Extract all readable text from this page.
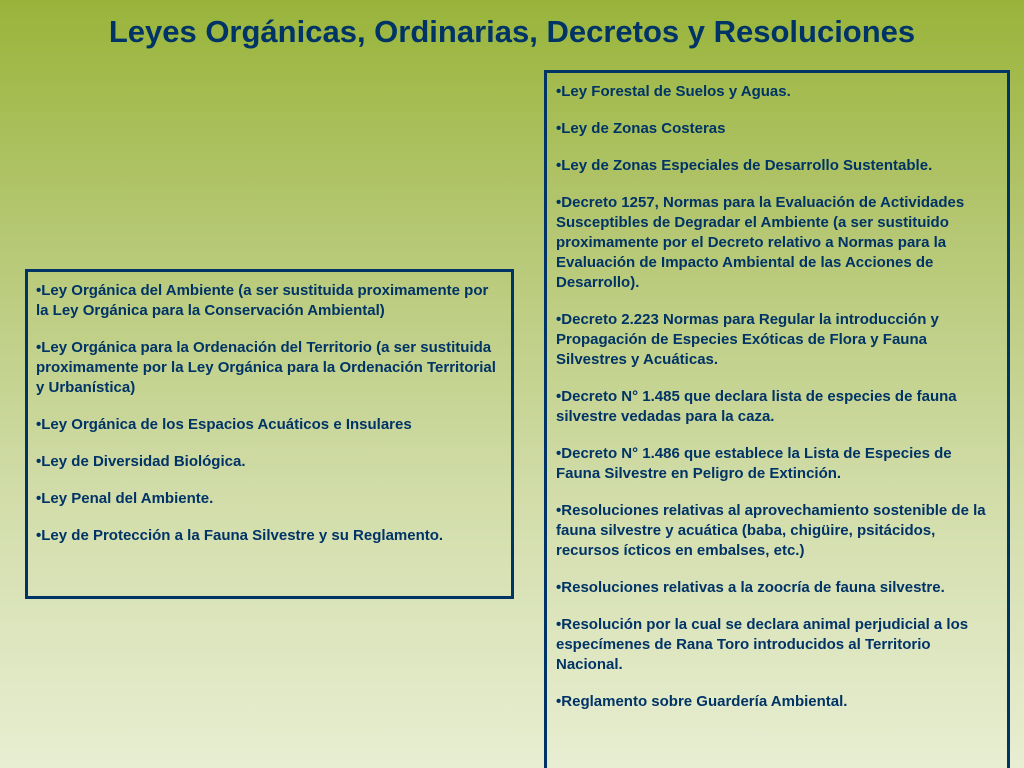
Leyes Orgánicas, Ordinarias, Decretos y Resoluciones
• Ley Orgánica del Ambiente (a ser sustituida proximamente por la Ley Orgánica para la Conservación Ambiental)
• Ley Orgánica para la Ordenación del Territorio (a ser sustituida proximamente por la Ley Orgánica para la Ordenación Territorial y Urbanística)
• Ley Orgánica de los Espacios Acuáticos e Insulares
• Ley de Diversidad Biológica.
• Ley Penal del Ambiente.
• Ley de Protección a la Fauna Silvestre y su Reglamento.
• Ley Forestal de Suelos y Aguas.
• Ley de Zonas Costeras
• Ley de Zonas Especiales de Desarrollo Sustentable.
• Decreto 1257, Normas para la Evaluación de Actividades Susceptibles de Degradar el Ambiente (a ser sustituido proximamente por el Decreto relativo a Normas para la Evaluación de Impacto Ambiental de las Acciones de Desarrollo).
• Decreto 2.223 Normas para Regular la introducción y Propagación de Especies Exóticas de Flora y Fauna Silvestres y Acuáticas.
• Decreto N° 1.485 que declara lista de especies de fauna silvestre vedadas para la caza.
• Decreto N° 1.486 que establece la Lista de Especies de Fauna Silvestre en Peligro de Extinción.
• Resoluciones relativas al aprovechamiento sostenible de la fauna silvestre y acuática (baba, chigüire, psitácidos, recursos ícticos en embalses, etc.)
• Resoluciones relativas a la zoocría de fauna silvestre.
• Resolución por la cual se declara animal perjudicial a los especímenes de Rana Toro introducidos al Territorio Nacional.
• Reglamento sobre Guardería Ambiental.
